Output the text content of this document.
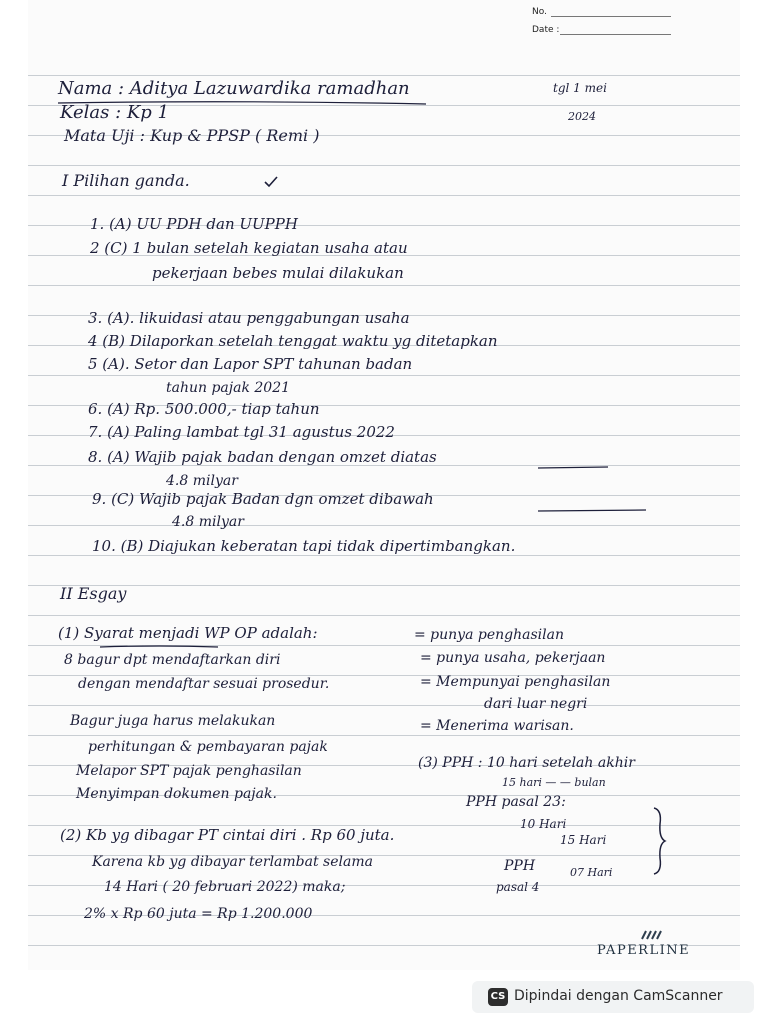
No.
Date :
Nama : Aditya Lazuwardika ramadhan
Kelas : Kp 1
Mata Uji : Kup & PPSP ( Remi )
tgl 1 mei
2024
I Pilihan ganda.
1. (A) UU PDH dan UUPPH
2 (C) 1 bulan setelah kegiatan usaha atau
pekerjaan bebes mulai dilakukan
3. (A). likuidasi atau penggabungan usaha
4 (B) Dilaporkan setelah tenggat waktu yg ditetapkan
5 (A). Setor dan Lapor SPT tahunan badan
tahun pajak 2021
6. (A) Rp. 500.000,- tiap tahun
7. (A) Paling lambat tgl 31 agustus 2022
8. (A) Wajib pajak badan dengan omzet diatas
4.8 milyar
9. (C) Wajib pajak Badan dgn omzet dibawah
4.8 milyar
10. (B) Diajukan keberatan tapi tidak dipertimbangkan.
II Esgay
(1) Syarat menjadi WP OP adalah:
8 bagur dpt mendaftarkan diri
dengan mendaftar sesuai prosedur.
Bagur juga harus melakukan
perhitungan & pembayaran pajak
Melapor SPT pajak penghasilan
Menyimpan dokumen pajak.
= punya penghasilan
= punya usaha, pekerjaan
= Mempunyai penghasilan
dari luar negri
= Menerima warisan.
(3) PPH : 10 hari setelah akhir
15 hari — — bulan
PPH pasal 23:
10 Hari
15 Hari
PPH
pasal 4
07 Hari
(2) Kb yg dibagar PT cintai diri . Rp 60 juta.
Karena kb yg dibayar terlambat selama
14 Hari ( 20 februari 2022) maka;
2% x Rp 60 juta = Rp 1.200.000
PAPERLINE
CS Dipindai dengan CamScanner
